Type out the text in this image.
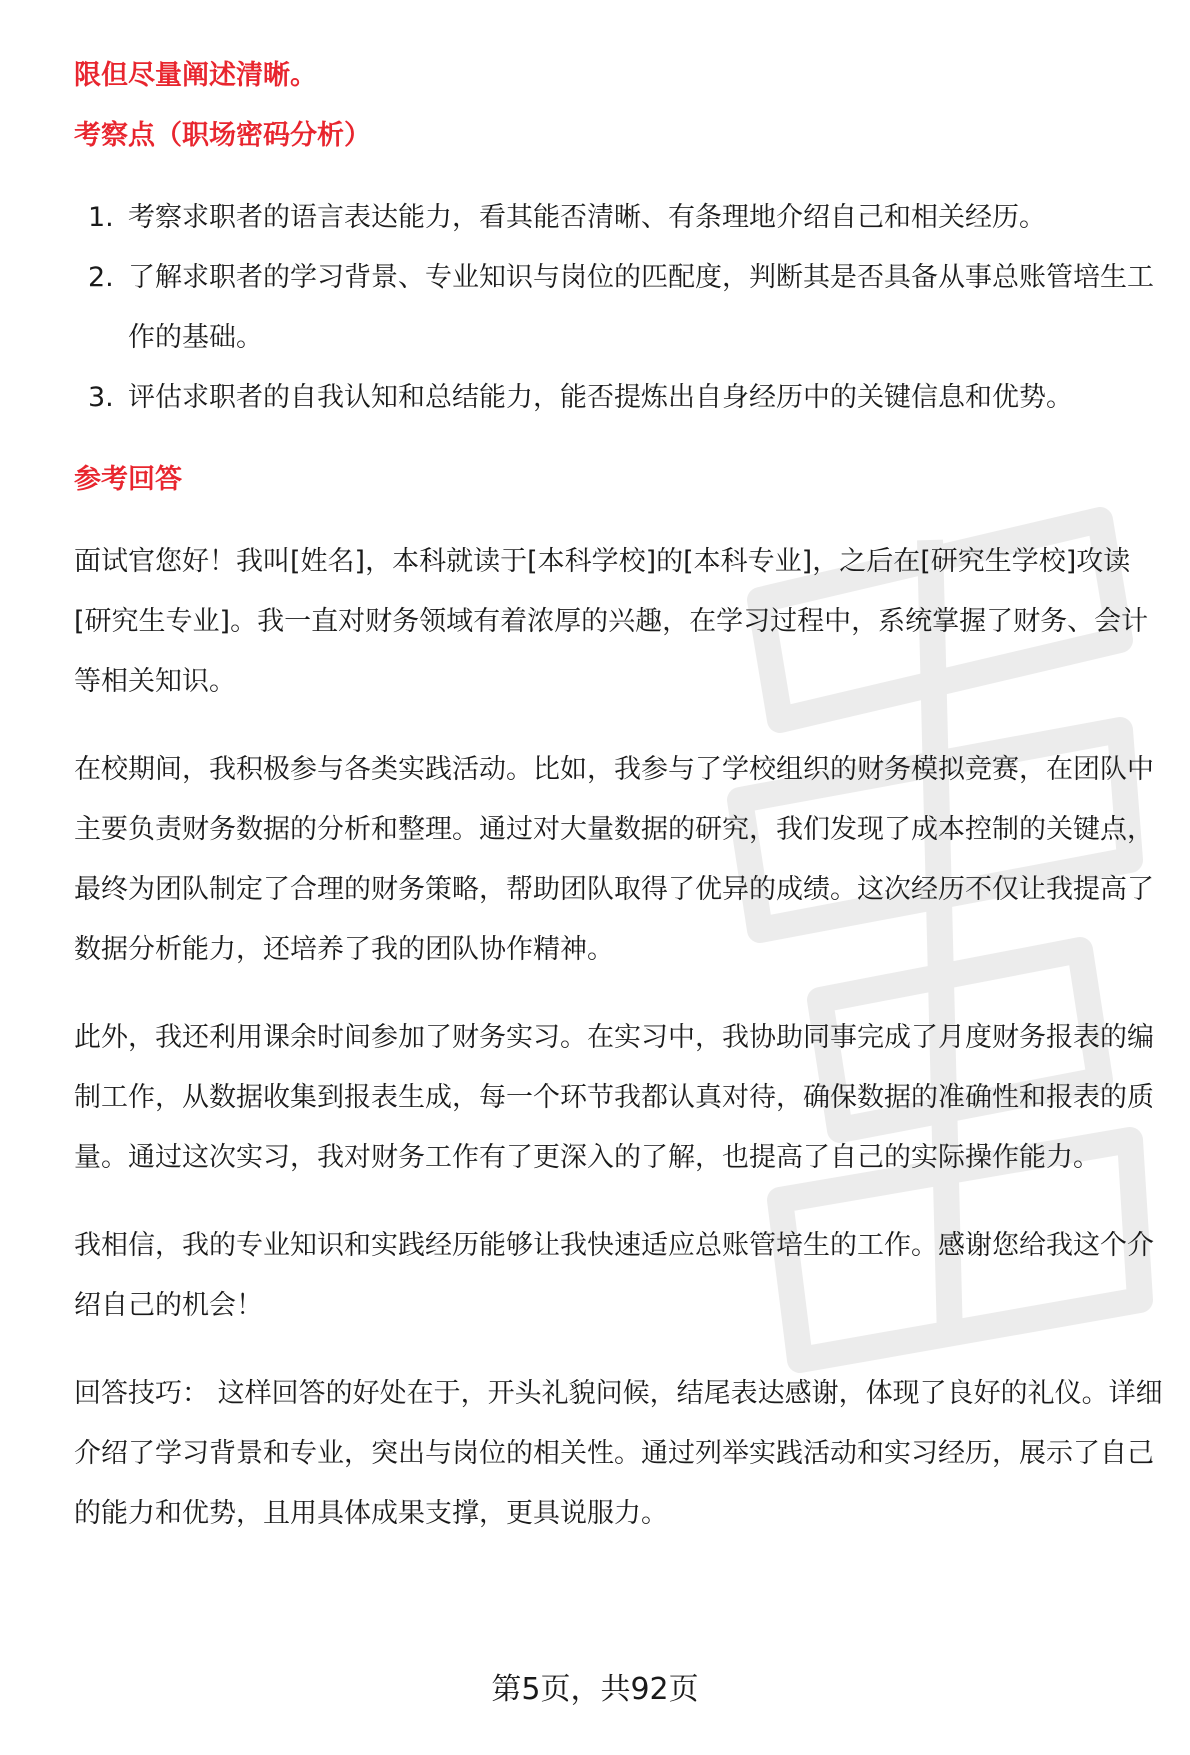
限但尽量阐述清晰。

考察点（职场密码分析）
1. 考察求职者的语言表达能力，看其能否清晰、有条理地介绍自己和相关经历。
2. 了解求职者的学习背景、专业知识与岗位的匹配度，判断其是否具备从事总账管培生工作的基础。
3. 评估求职者的自我认知和总结能力，能否提炼出自身经历中的关键信息和优势。
参考回答

面试官您好！我叫[姓名]，本科就读于[本科学校]的[本科专业]，之后在[研究生学校]攻读[研究生专业]。我一直对财务领域有着浓厚的兴趣，在学习过程中，系统掌握了财务、会计等相关知识。

在校期间，我积极参与各类实践活动。比如，我参与了学校组织的财务模拟竞赛，在团队中主要负责财务数据的分析和整理。通过对大量数据的研究，我们发现了成本控制的关键点，最终为团队制定了合理的财务策略，帮助团队取得了优异的成绩。这次经历不仅让我提高了数据分析能力，还培养了我的团队协作精神。

此外，我还利用课余时间参加了财务实习。在实习中，我协助同事完成了月度财务报表的编制工作，从数据收集到报表生成，每一个环节我都认真对待，确保数据的准确性和报表的质量。通过这次实习，我对财务工作有了更深入的了解，也提高了自己的实际操作能力。

我相信，我的专业知识和实践经历能够让我快速适应总账管培生的工作。感谢您给我这个介绍自己的机会！

回答技巧： 这样回答的好处在于，开头礼貌问候，结尾表达感谢，体现了良好的礼仪。详细介绍了学习背景和专业，突出与岗位的相关性。通过列举实践活动和实习经历，展示了自己的能力和优势，且用具体成果支撑，更具说服力。

第5页，共92页
